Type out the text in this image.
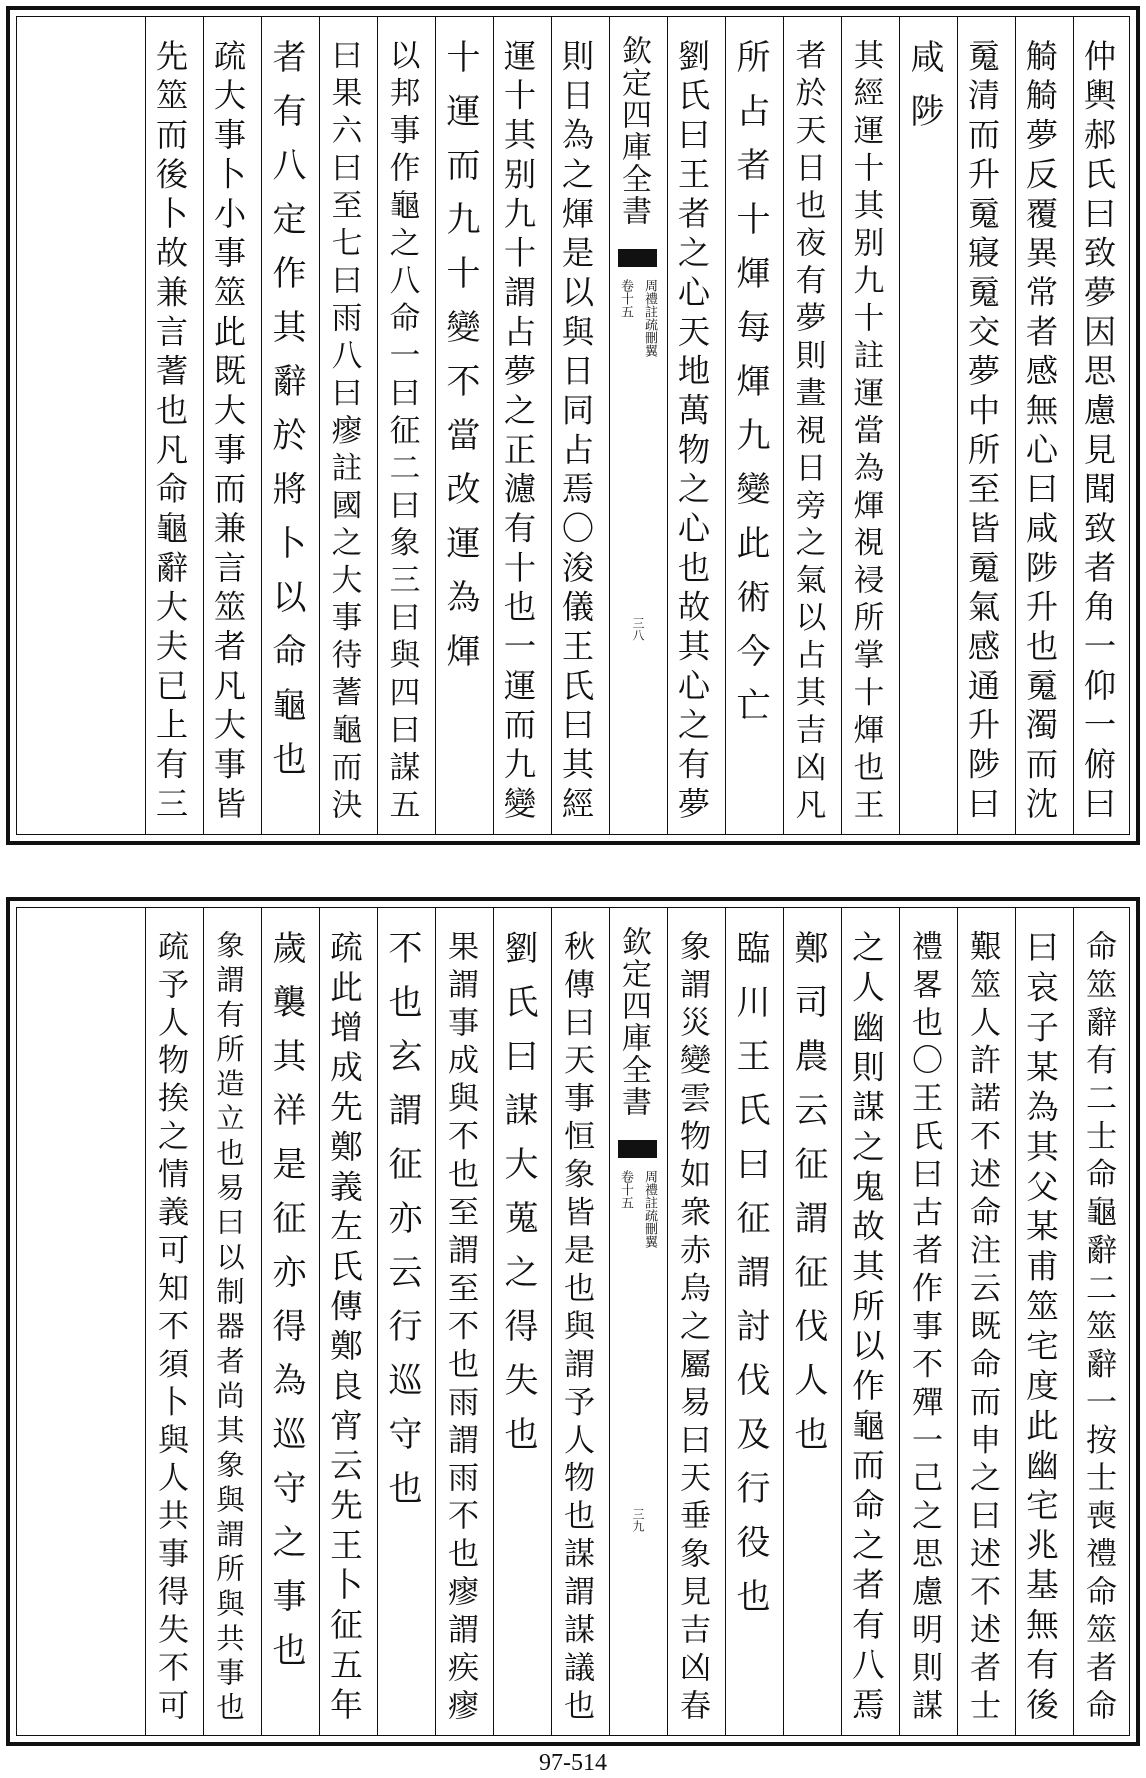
仲輿郝氏曰致夢因思慮見聞致者角一仰一俯曰
觭觭夢反覆異常者感無心曰咸陟升也䰟濁而沈
䰟清而升䰟寢䰟交夢中所至皆䰟氣感通升陟曰
咸陟
其經運十其别九十註運當為煇視祲所掌十煇也王
者於天日也夜有夢則晝視日旁之氣以占其吉凶凡
所占者十煇每煇九變此術今亡
劉氏曰王者之心天地萬物之心也故其心之有夢
欽定四庫全書
周禮註疏刪翼
卷十五
三八
則日為之煇是以與日同占焉〇浚儀王氏曰其經
運十其别九十謂占夢之正濾有十也一運而九變
十運而九十變不當改運為煇
以邦事作龜之八命一曰征二曰象三曰與四曰謀五
曰果六曰至七曰雨八曰瘳註國之大事待蓍龜而決
者有八定作其辭於將卜以命龜也
疏大事卜小事筮此既大事而兼言筮者凡大事皆
先筮而後卜故兼言蓍也凡命龜辭大夫已上有三
命筮辭有二士命龜辭二筮辭一按士喪禮命筮者命
曰哀子某為其父某甫筮宅度此幽宅兆基無有後
艱筮人許諾不述命注云既命而申之曰述不述者士
禮畧也〇王氏曰古者作事不殫一己之思慮明則謀
之人幽則謀之鬼故其所以作龜而命之者有八焉
鄭司農云征謂征伐人也
臨川王氏曰征謂討伐及行役也
象謂災變雲物如衆赤烏之屬易曰天垂象見吉凶春
欽定四庫全書
周禮註疏刪翼
卷十五
三九
秋傳曰天事恒象皆是也與謂予人物也謀謂謀議也
劉氏曰謀大蒐之得失也
果謂事成與不也至謂至不也雨謂雨不也瘳謂疾瘳
不也玄謂征亦云行巡守也
疏此增成先鄭義左氏傳鄭良宵云先王卜征五年
歲襲其祥是征亦得為巡守之事也
象謂有所造立也易曰以制器者尚其象與謂所與共事也
疏予人物挨之情義可知不須卜與人共事得失不可
97-514
